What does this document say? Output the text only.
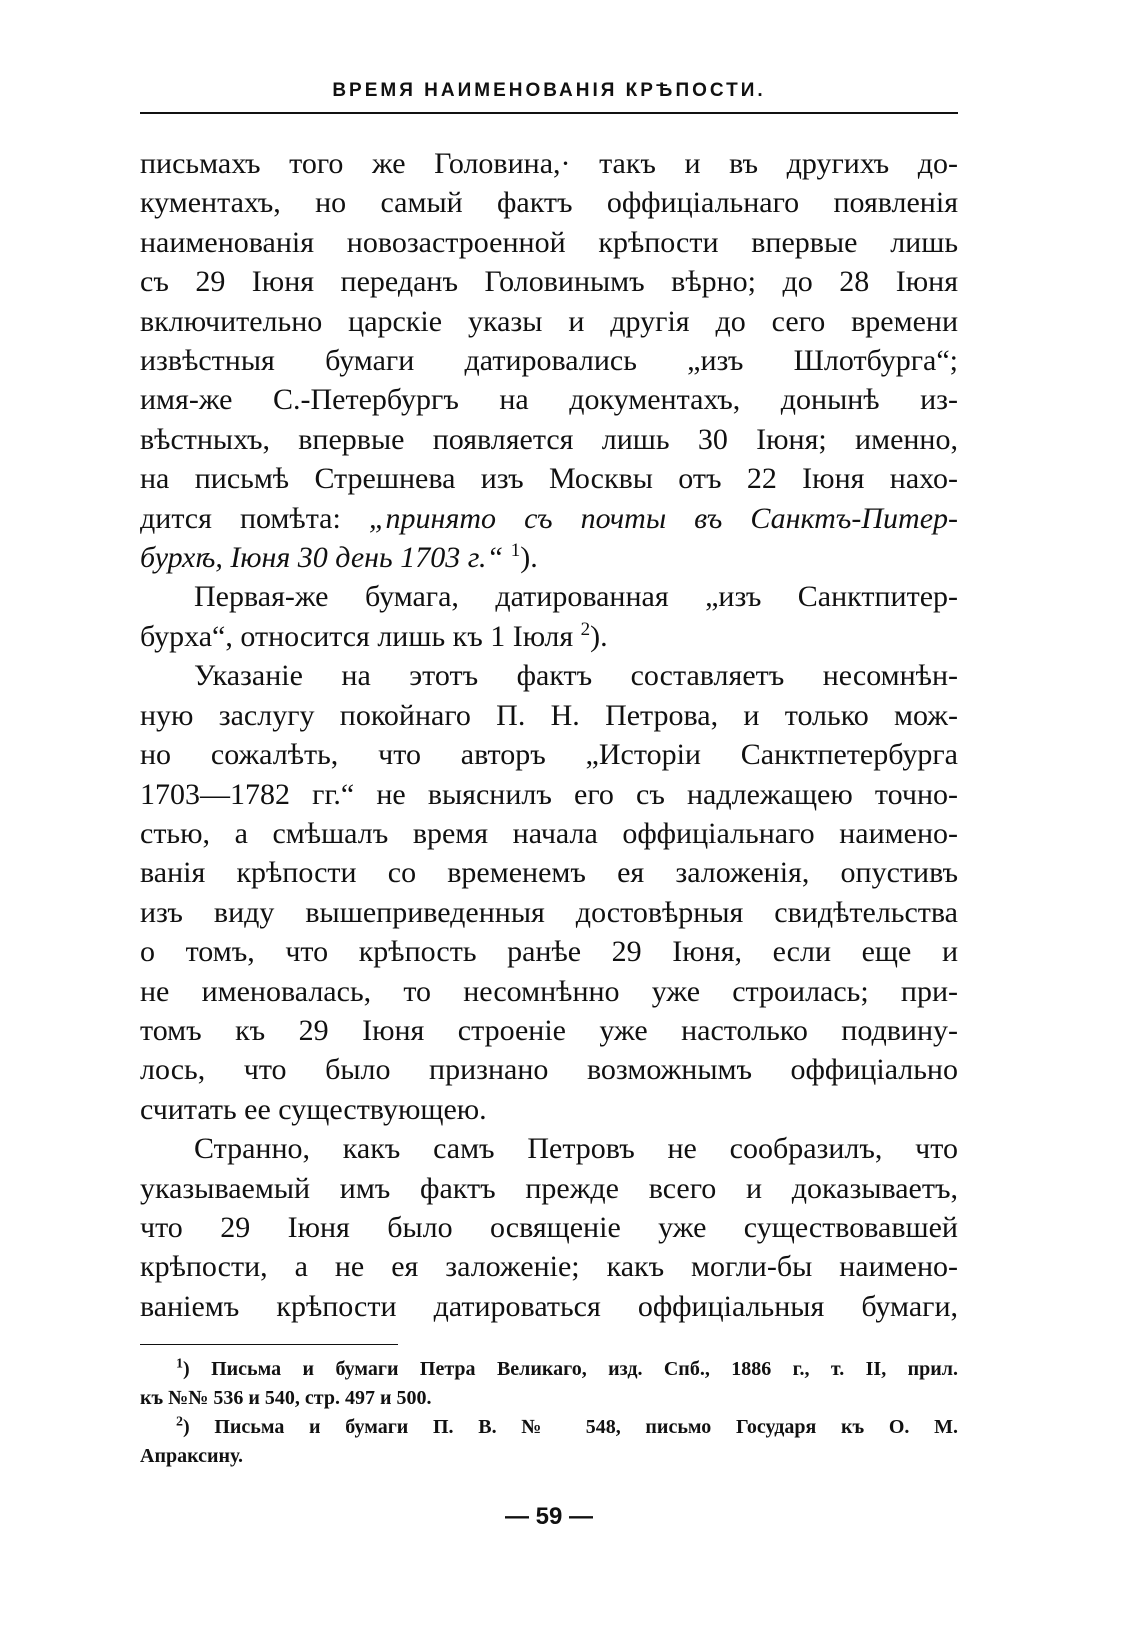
ВРЕМЯ НАИМЕНОВАНІЯ КРѢПОСТИ.

письмахъ того же Головина,· такъ и въ другихъ до-
кументахъ, но самый фактъ оффиціальнаго появленія
наименованія новозастроенной крѣпости впервые лишь
съ 29 Іюня переданъ Головинымъ вѣрно; до 28 Іюня
включительно царскіе указы и другія до сего времени
извѣстныя бумаги датировались „изъ Шлотбурга“;
имя-же С.-Петербургъ на документахъ, донынѣ из-
вѣстныхъ, впервые появляется лишь 30 Іюня; именно,
на письмѣ Стрешнева изъ Москвы отъ 22 Іюня нахо-
дится помѣта: „принято съ почты въ Санктъ-Питер-
бурхѣ, Іюня 30 день 1703 г.“ $^1$).

Первая-же бумага, датированная „изъ Санктпитер-
бурха“, относится лишь къ 1 Іюля $^2$).

Указаніе на этотъ фактъ составляетъ несомнѣн-
ную заслугу покойнаго П. Н. Петрова, и только мож-
но сожалѣть, что авторъ „Исторіи Санктпетербурга
1703—1782 гг.“ не выяснилъ его съ надлежащею точно-
стью, а смѣшалъ время начала оффиціальнаго наимено-
ванія крѣпости со временемъ ея заложенія, опустивъ
изъ виду вышеприведенныя достовѣрныя свидѣтельства
о томъ, что крѣпость ранѣе 29 Іюня, если еще и
не именовалась, то несомнѣнно уже строилась; при-
томъ къ 29 Іюня строеніе уже настолько подвину-
лось, что было признано возможнымъ оффиціально
считать ее существующею.

Странно, какъ самъ Петровъ не сообразилъ, что
указываемый имъ фактъ прежде всего и доказываетъ,
что 29 Іюня было освященіе уже существовавшей
крѣпости, а не ея заложеніе; какъ могли-бы наимено-
ваніемъ крѣпости датироваться оффиціальныя бумаги,

$^1$) Письма и бумаги Петра Великаго, изд. Спб., 1886 г., т. II, прил.
къ №№ 536 и 540, стр. 497 и 500.
$^2$) Письма и бумаги П. В. № 548, письмо Государя къ О. М.
Апраксину.
— 59 —
